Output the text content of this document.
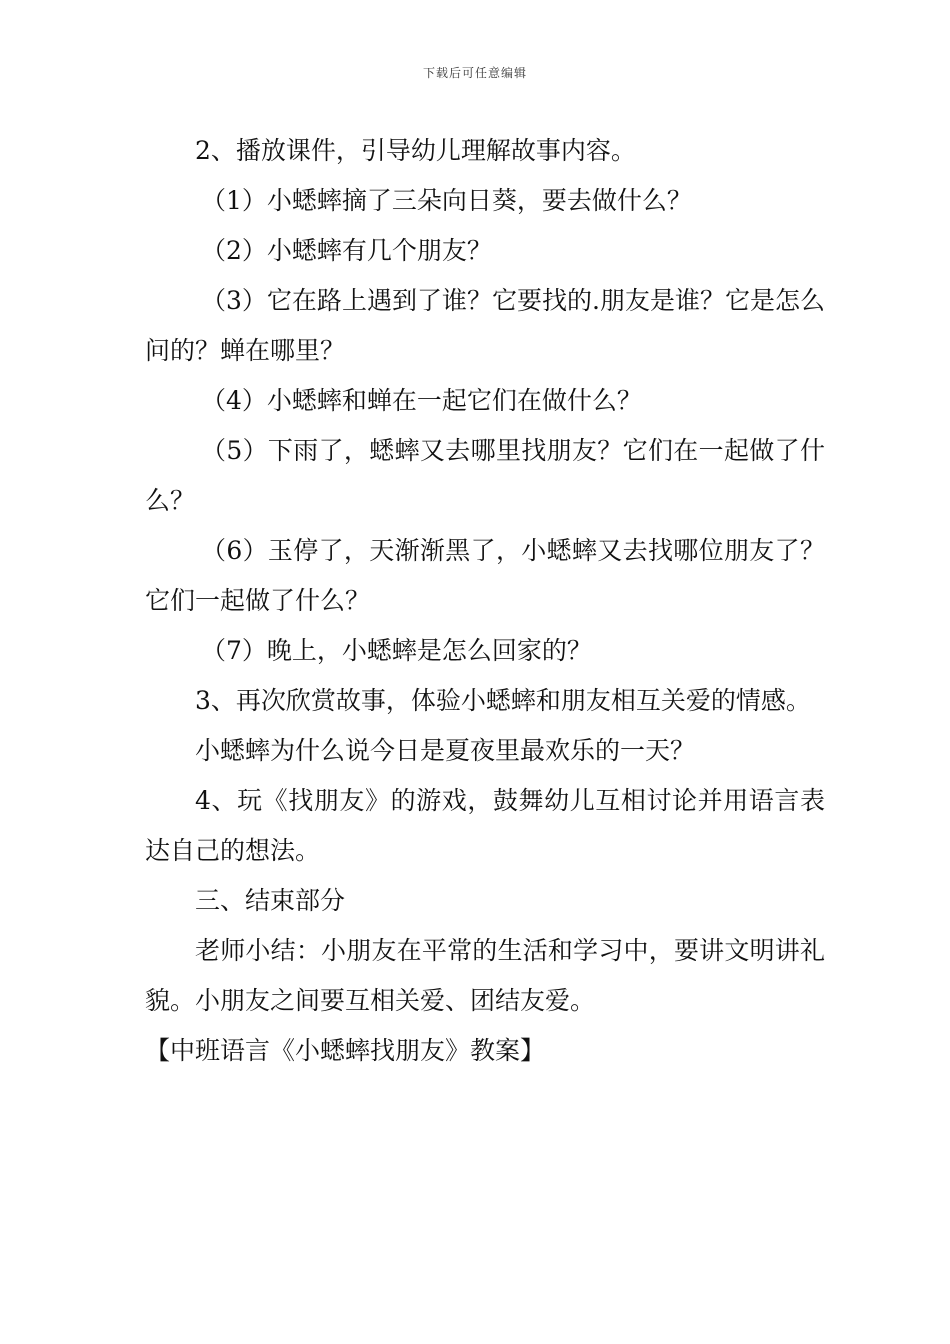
下载后可任意编辑

2、播放课件，引导幼儿理解故事内容。

（1）小蟋蟀摘了三朵向日葵，要去做什么？

（2）小蟋蟀有几个朋友？

（3）它在路上遇到了谁？它要找的.朋友是谁？它是怎么问的？蝉在哪里？

（4）小蟋蟀和蝉在一起它们在做什么？

（5）下雨了，蟋蟀又去哪里找朋友？它们在一起做了什么？

（6）玉停了，天渐渐黑了，小蟋蟀又去找哪位朋友了？它们一起做了什么？

（7）晚上，小蟋蟀是怎么回家的？

3、再次欣赏故事，体验小蟋蟀和朋友相互关爱的情感。

小蟋蟀为什么说今日是夏夜里最欢乐的一天？

4、玩《找朋友》的游戏，鼓舞幼儿互相讨论并用语言表达自己的想法。

三、结束部分

老师小结：小朋友在平常的生活和学习中，要讲文明讲礼貌。小朋友之间要互相关爱、团结友爱。

【中班语言《小蟋蟀找朋友》教案】
